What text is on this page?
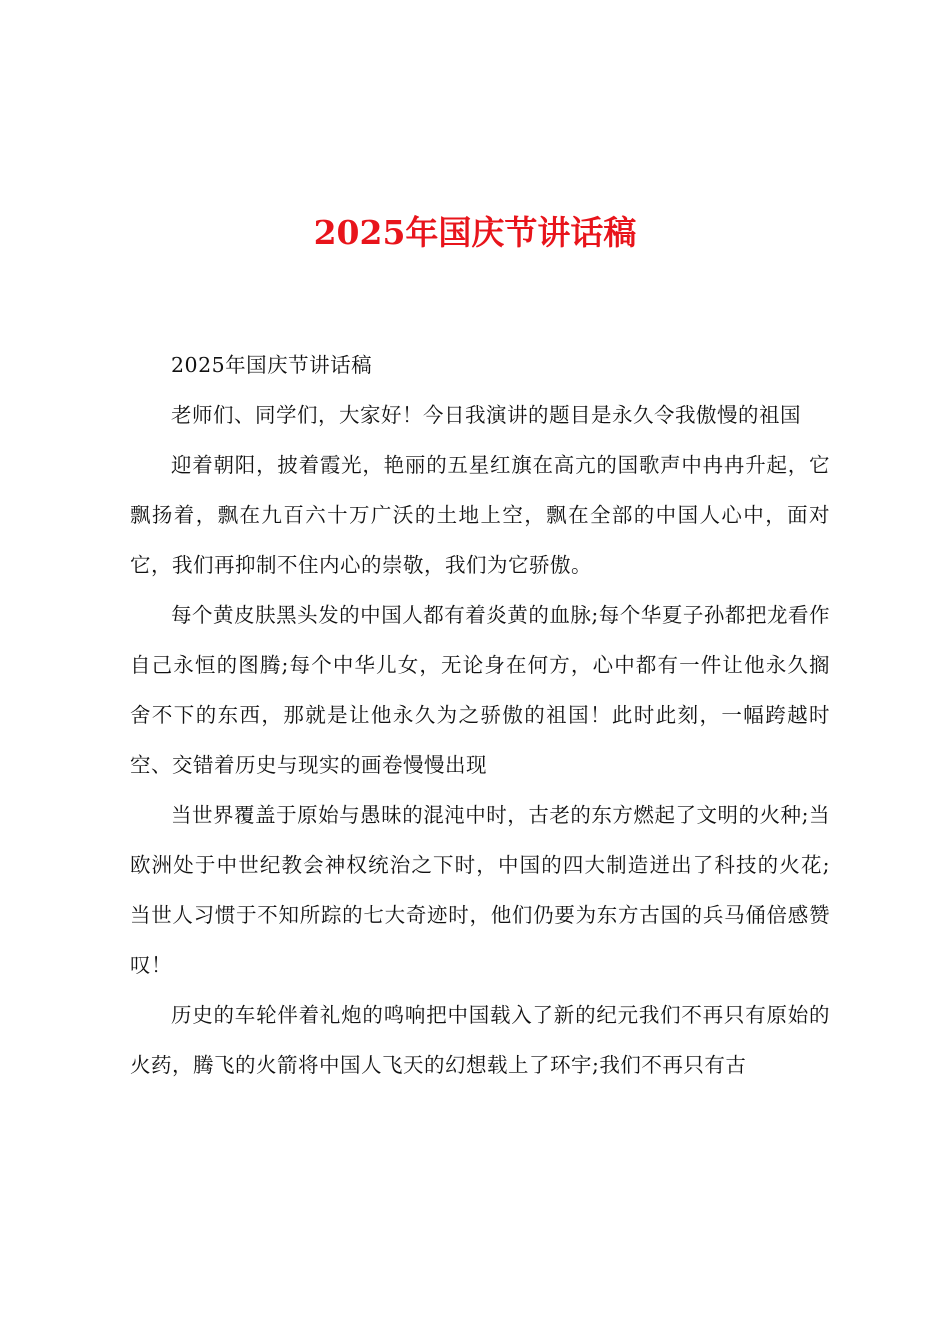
2025年国庆节讲话稿

2025年国庆节讲话稿

老师们、同学们，大家好！今日我演讲的题目是永久令我傲慢的祖国

迎着朝阳，披着霞光，艳丽的五星红旗在高亢的国歌声中冉冉升起，它飘扬着，飘在九百六十万广沃的土地上空，飘在全部的中国人心中，面对它，我们再抑制不住内心的崇敬，我们为它骄傲。

每个黄皮肤黑头发的中国人都有着炎黄的血脉;每个华夏子孙都把龙看作自己永恒的图腾;每个中华儿女，无论身在何方，心中都有一件让他永久搁舍不下的东西，那就是让他永久为之骄傲的祖国！此时此刻，一幅跨越时空、交错着历史与现实的画卷慢慢出现

当世界覆盖于原始与愚昧的混沌中时，古老的东方燃起了文明的火种;当欧洲处于中世纪教会神权统治之下时，中国的四大制造迸出了科技的火花;当世人习惯于不知所踪的七大奇迹时，他们仍要为东方古国的兵马俑倍感赞叹！

历史的车轮伴着礼炮的鸣响把中国载入了新的纪元我们不再只有原始的火药，腾飞的火箭将中国人飞天的幻想载上了环宇;我们不再只有古
